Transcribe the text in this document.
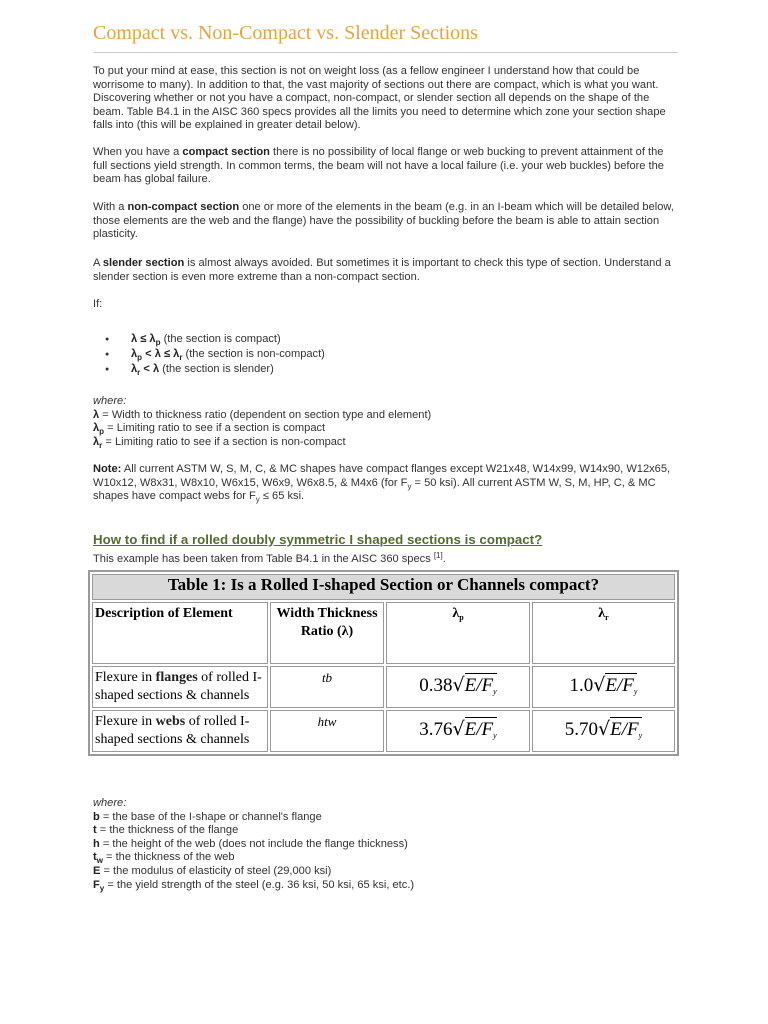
Compact vs. Non-Compact vs. Slender Sections
To put your mind at ease, this section is not on weight loss (as a fellow engineer I understand how that could be worrisome to many). In addition to that, the vast majority of sections out there are compact, which is what you want. Discovering whether or not you have a compact, non-compact, or slender section all depends on the shape of the beam. Table B4.1 in the AISC 360 specs provides all the limits you need to determine which zone your section shape falls into (this will be explained in greater detail below).
When you have a compact section there is no possibility of local flange or web bucking to prevent attainment of the full sections yield strength. In common terms, the beam will not have a local failure (i.e. your web buckles) before the beam has global failure.
With a non-compact section one or more of the elements in the beam (e.g. in an I-beam which will be detailed below, those elements are the web and the flange) have the possibility of buckling before the beam is able to attain section plasticity.
A slender section is almost always avoided. But sometimes it is important to check this type of section. Understand a slender section is even more extreme than a non-compact section.
If:
● $\lambda \le \lambda_p$ (the section is compact)
● $\lambda_p < \lambda \le \lambda_r$ (the section is non-compact)
● $\lambda_r < \lambda$ (the section is slender)
where:
λ = Width to thickness ratio (dependent on section type and element)
$\lambda_p$ = Limiting ratio to see if a section is compact
$\lambda_r$ = Limiting ratio to see if a section is non-compact
Note: All current ASTM W, S, M, C, & MC shapes have compact flanges except W21x48, W14x99, W14x90, W12x65, W10x12, W8x31, W8x10, W6x15, W6x9, W6x8.5, & M4x6 (for $F_y = 50$ ksi). All current ASTM W, S, M, HP, C, & MC shapes have compact webs for $F_y \le 65$ ksi.
How to find if a rolled doubly symmetric I shaped sections is compact?
This example has been taken from Table B4.1 in the AISC 360 specs [1].
Table 1: Is a Rolled I-shaped Section or Channels compact?			
Description of Element	Width Thickness Ratio (λ)	$\lambda_p$	$\lambda_r$
Flexure in flanges of rolled I-shaped sections & channels	tb	0.38√E/Fy	1.0√E/Fy
Flexure in webs of rolled I-shaped sections & channels	htw	3.76√E/Fy	5.70√E/Fy
where:
b = the base of the I-shape or channel's flange
t = the thickness of the flange
h = the height of the web (does not include the flange thickness)
$t_w$ = the thickness of the web
E = the modulus of elasticity of steel (29,000 ksi)
$F_y$ = the yield strength of the steel (e.g. 36 ksi, 50 ksi, 65 ksi, etc.)
